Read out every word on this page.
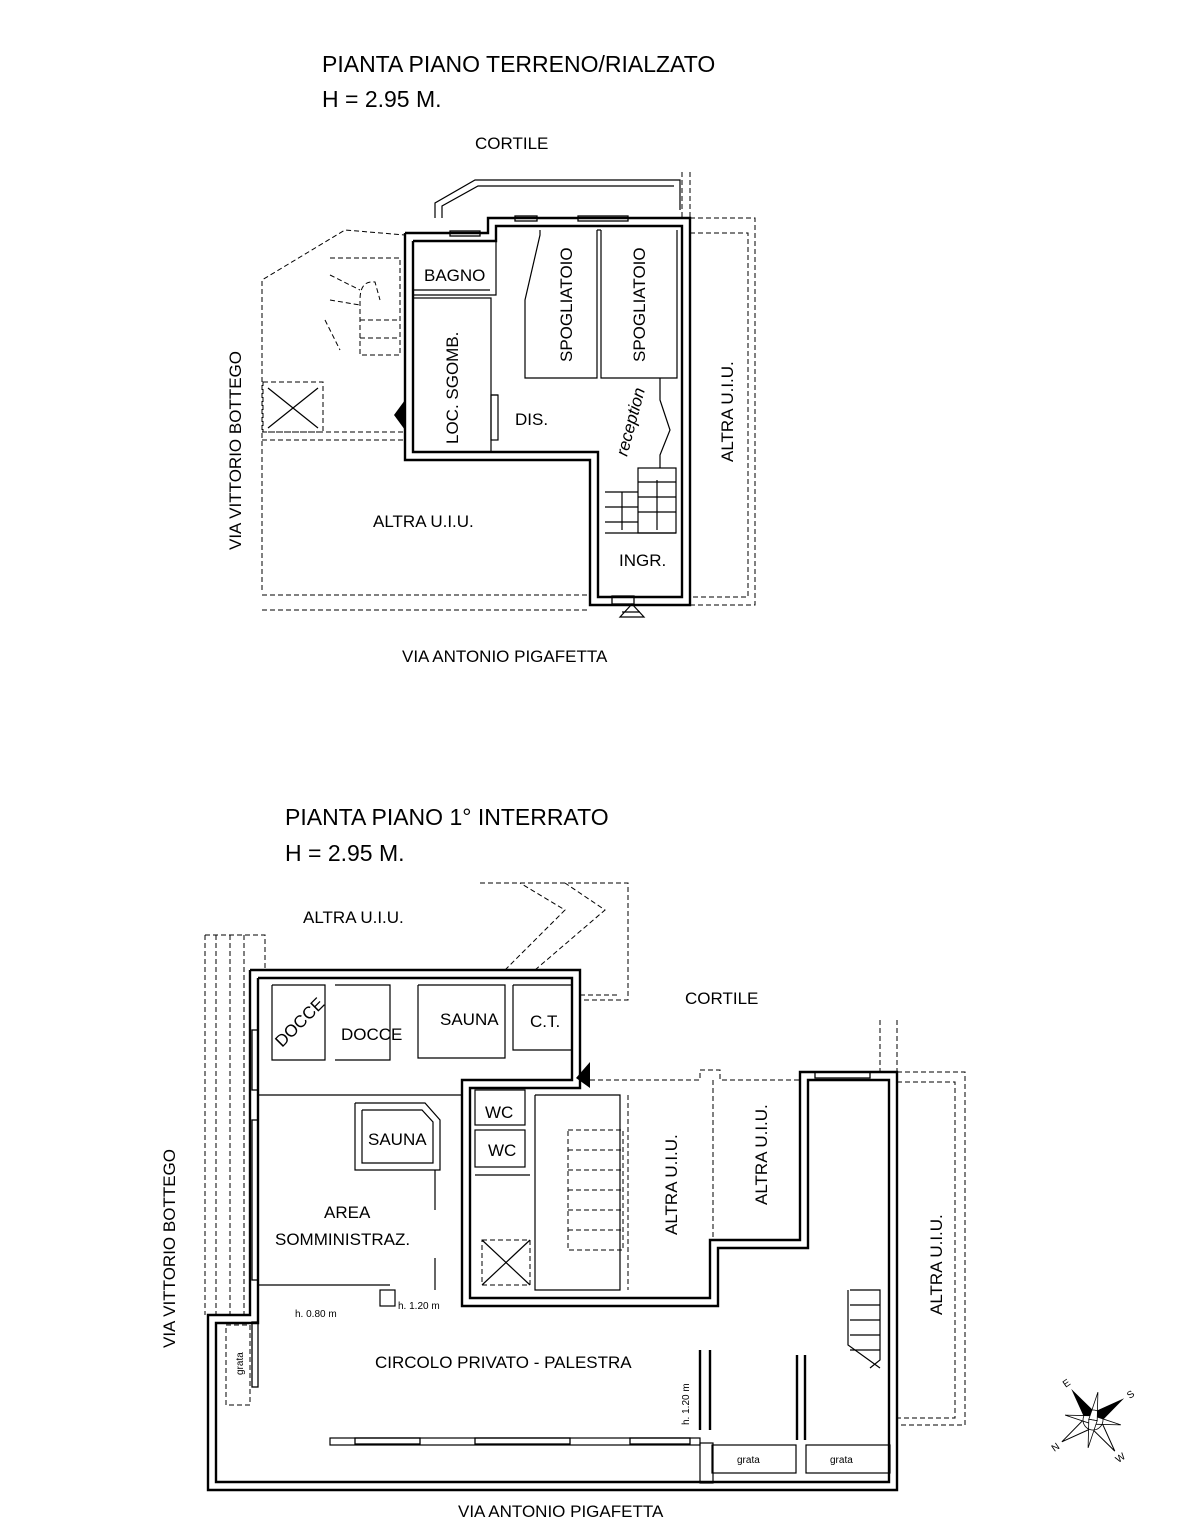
PIANTA PIANO TERRENO/RIALZATO
H = 2.95 M.
CORTILE
BAGNO	SPOGLIATOIO	SPOGLIATOIO
LOC. SGOMB.	DIS.	reception
INGR.
ALTRA U.I.U.
ALTRA U.I.U.
VIA VITTORIO BOTTEGO
VIA ANTONIO PIGAFETTA
PIANTA PIANO 1° INTERRATO
H = 2.95 M.
ALTRA U.I.U.
CORTILE
DOCCE DOCCE
SAUNA C.T.
SAUNA
WC
WC
AREA
SOMMINISTRAZ.
CIRCOLO PRIVATO - PALESTRA
ALTRA U.I.U.	ALTRA U.I.U.
ALTRA U.I.U.
h. 0.80 m
h. 1.20 m
h. 1.20 m
grata
grata	grata
VIA VITTORIO BOTTEGO
VIA ANTONIO PIGAFETTA
E
S
N
W
